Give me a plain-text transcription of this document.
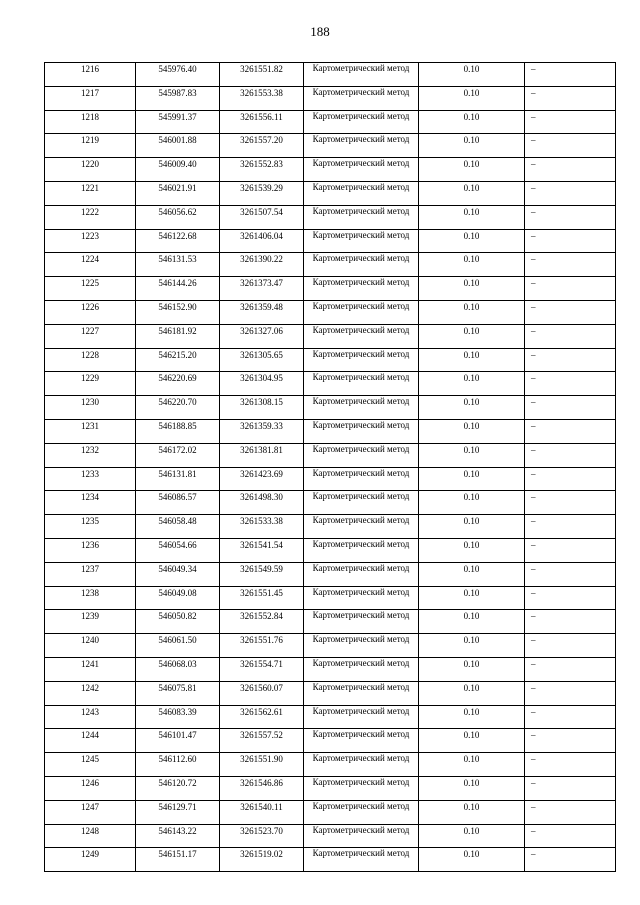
188
1216	545976.40	3261551.82	Картометрический метод	0.10	–
1217	545987.83	3261553.38	Картометрический метод	0.10	–
1218	545991.37	3261556.11	Картометрический метод	0.10	–
1219	546001.88	3261557.20	Картометрический метод	0.10	–
1220	546009.40	3261552.83	Картометрический метод	0.10	–
1221	546021.91	3261539.29	Картометрический метод	0.10	–
1222	546056.62	3261507.54	Картометрический метод	0.10	–
1223	546122.68	3261406.04	Картометрический метод	0.10	–
1224	546131.53	3261390.22	Картометрический метод	0.10	–
1225	546144.26	3261373.47	Картометрический метод	0.10	–
1226	546152.90	3261359.48	Картометрический метод	0.10	–
1227	546181.92	3261327.06	Картометрический метод	0.10	–
1228	546215.20	3261305.65	Картометрический метод	0.10	–
1229	546220.69	3261304.95	Картометрический метод	0.10	–
1230	546220.70	3261308.15	Картометрический метод	0.10	–
1231	546188.85	3261359.33	Картометрический метод	0.10	–
1232	546172.02	3261381.81	Картометрический метод	0.10	–
1233	546131.81	3261423.69	Картометрический метод	0.10	–
1234	546086.57	3261498.30	Картометрический метод	0.10	–
1235	546058.48	3261533.38	Картометрический метод	0.10	–
1236	546054.66	3261541.54	Картометрический метод	0.10	–
1237	546049.34	3261549.59	Картометрический метод	0.10	–
1238	546049.08	3261551.45	Картометрический метод	0.10	–
1239	546050.82	3261552.84	Картометрический метод	0.10	–
1240	546061.50	3261551.76	Картометрический метод	0.10	–
1241	546068.03	3261554.71	Картометрический метод	0.10	–
1242	546075.81	3261560.07	Картометрический метод	0.10	–
1243	546083.39	3261562.61	Картометрический метод	0.10	–
1244	546101.47	3261557.52	Картометрический метод	0.10	–
1245	546112.60	3261551.90	Картометрический метод	0.10	–
1246	546120.72	3261546.86	Картометрический метод	0.10	–
1247	546129.71	3261540.11	Картометрический метод	0.10	–
1248	546143.22	3261523.70	Картометрический метод	0.10	–
1249	546151.17	3261519.02	Картометрический метод	0.10	–
